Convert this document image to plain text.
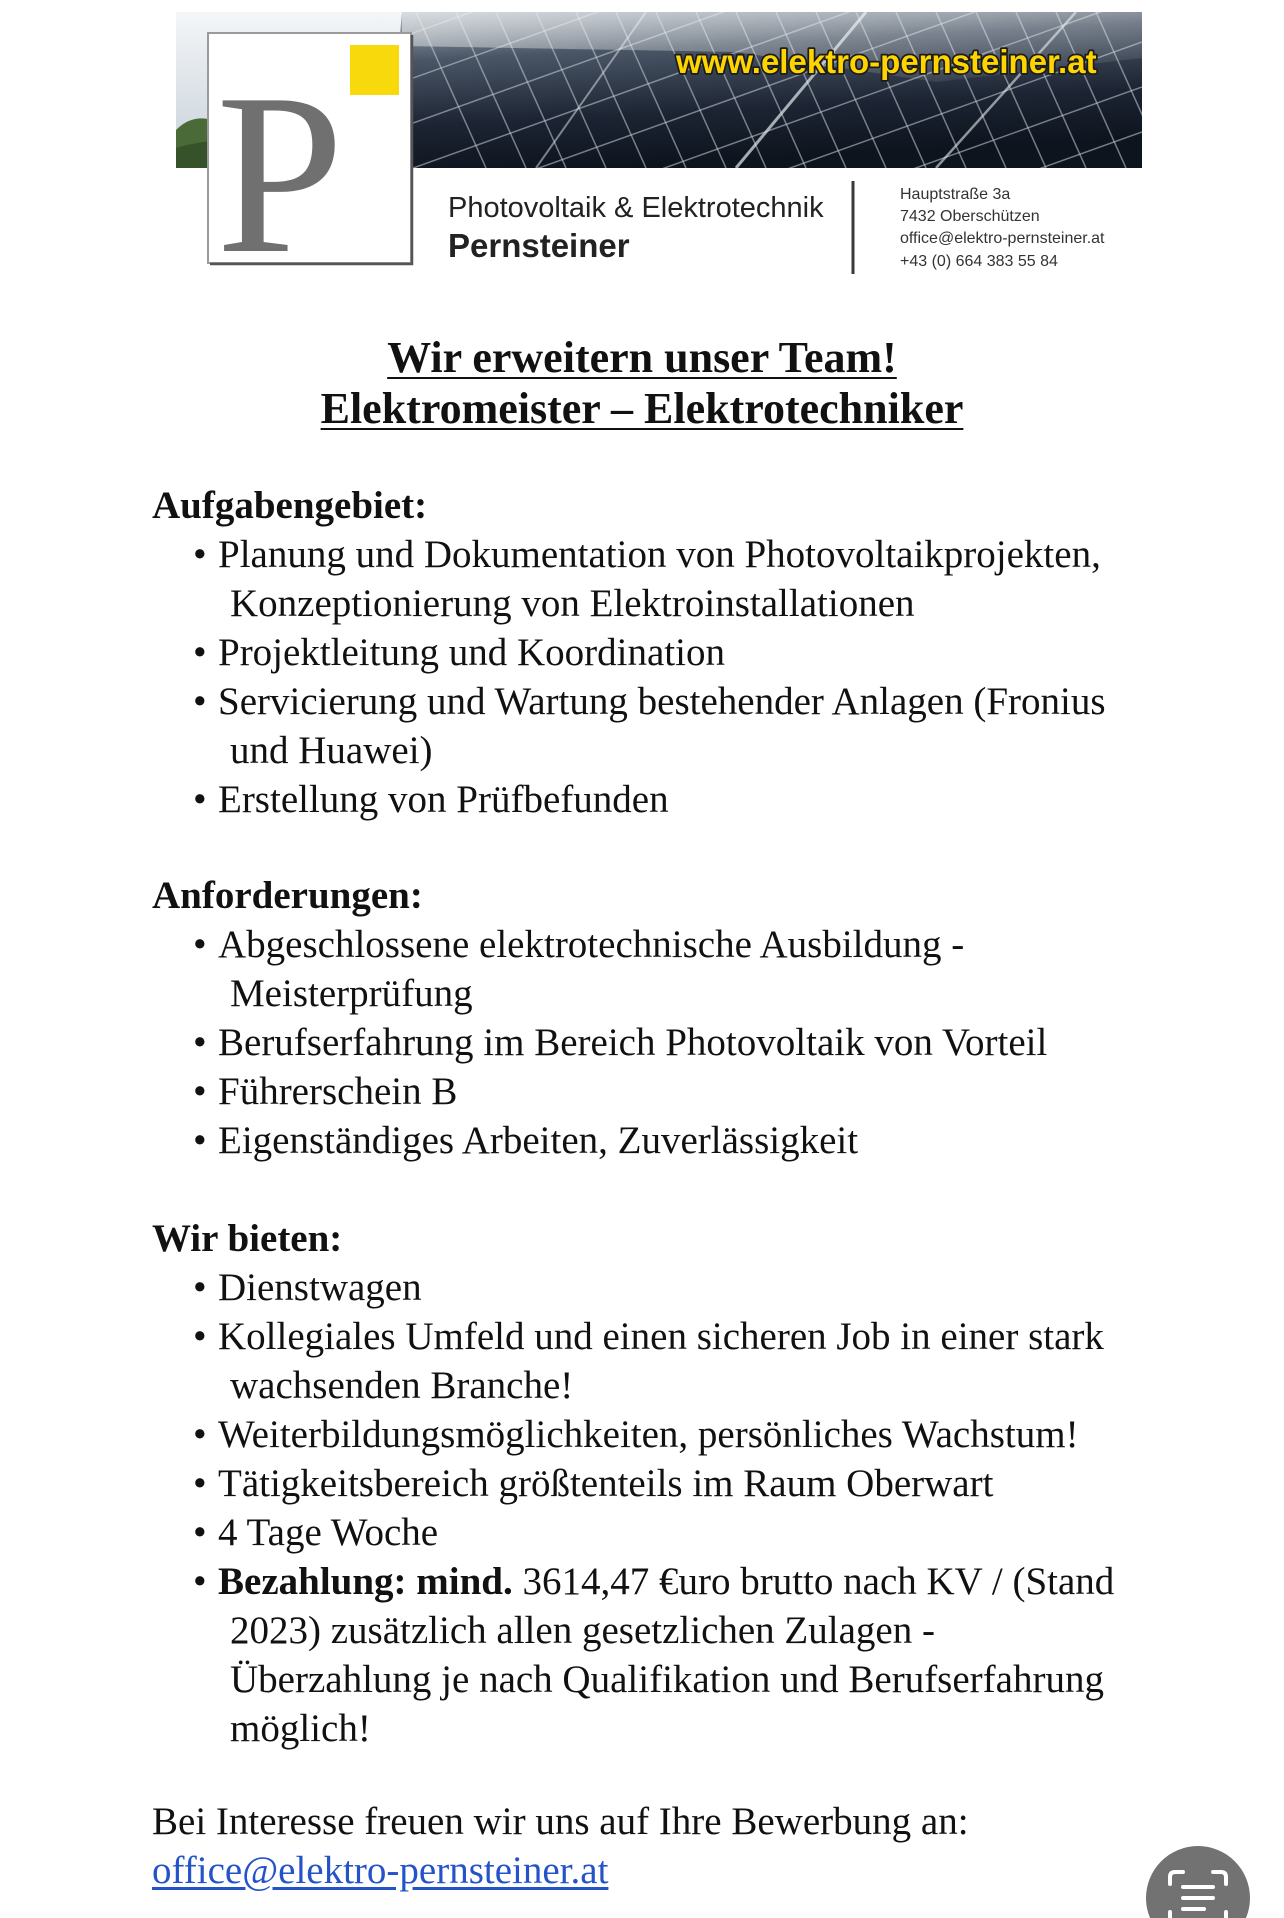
P	www.elektro-pernsteiner.at
Photovoltaik & Elektrotechnik
Pernsteiner
Hauptstraße 3a
7432 Oberschützen
office@elektro-pernsteiner.at
+43 (0) 664 383 55 84
Wir erweitern unser Team!
Elektromeister – Elektrotechniker
Aufgabengebiet:
• Planung und Dokumentation von Photovoltaikprojekten,
Konzeptionierung von Elektroinstallationen
• Projektleitung und Koordination
• Servicierung und Wartung bestehender Anlagen (Fronius
und Huawei)
• Erstellung von Prüfbefunden
Anforderungen:
• Abgeschlossene elektrotechnische Ausbildung -
Meisterprüfung
• Berufserfahrung im Bereich Photovoltaik von Vorteil
• Führerschein B
• Eigenständiges Arbeiten, Zuverlässigkeit
Wir bieten:
• Dienstwagen
• Kollegiales Umfeld und einen sicheren Job in einer stark
wachsenden Branche!
• Weiterbildungsmöglichkeiten, persönliches Wachstum!
• Tätigkeitsbereich größtenteils im Raum Oberwart
• 4 Tage Woche
• Bezahlung: mind. 3614,47 €uro brutto nach KV / (Stand
2023) zusätzlich allen gesetzlichen Zulagen -
Überzahlung je nach Qualifikation und Berufserfahrung
möglich!
Bei Interesse freuen wir uns auf Ihre Bewerbung an:
office@elektro-pernsteiner.at
